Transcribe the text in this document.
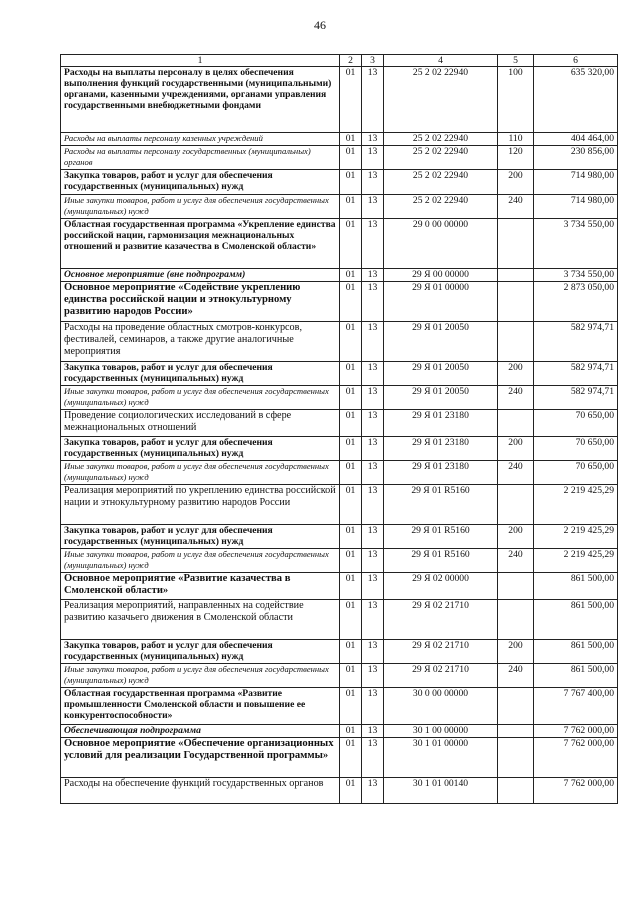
46
1	2	3	4	5	6
Расходы на выплаты персоналу в целях обеспечения выполнения функций государственными (муниципальными) органами, казенными учреждениями, органами управления государственными внебюджетными фондами	01	13	25 2 02 22940	100	635 320,00
Расходы на выплаты персоналу казенных учреждений	01	13	25 2 02 22940	110	404 464,00
Расходы на выплаты персоналу государственных (муниципальных) органов	01	13	25 2 02 22940	120	230 856,00
Закупка товаров, работ и услуг для обеспечения государственных (муниципальных) нужд	01	13	25 2 02 22940	200	714 980,00
Иные закупки товаров, работ и услуг для обеспечения государственных (муниципальных) нужд	01	13	25 2 02 22940	240	714 980,00
Областная государственная программа «Укрепление единства российской нации, гармонизация межнациональных отношений и развитие казачества в Смоленской области»	01	13	29 0 00 00000		3 734 550,00
Основное мероприятие (вне подпрограмм)	01	13	29 Я 00 00000		3 734 550,00
Основное мероприятие «Содействие укреплению единства российской нации и этнокультурному развитию народов России»	01	13	29 Я 01 00000		2 873 050,00
Расходы на проведение областных смотров-конкурсов, фестивалей, семинаров, а также другие аналогичные мероприятия	01	13	29 Я 01 20050		582 974,71
Закупка товаров, работ и услуг для обеспечения государственных (муниципальных) нужд	01	13	29 Я 01 20050	200	582 974,71
Иные закупки товаров, работ и услуг для обеспечения государственных (муниципальных) нужд	01	13	29 Я 01 20050	240	582 974,71
Проведение социологических исследований в сфере межнациональных отношений	01	13	29 Я 01 23180		70 650,00
Закупка товаров, работ и услуг для обеспечения государственных (муниципальных) нужд	01	13	29 Я 01 23180	200	70 650,00
Иные закупки товаров, работ и услуг для обеспечения государственных (муниципальных) нужд	01	13	29 Я 01 23180	240	70 650,00
Реализация мероприятий по укреплению единства российской нации и этнокультурному развитию народов России	01	13	29 Я 01 R5160		2 219 425,29
Закупка товаров, работ и услуг для обеспечения государственных (муниципальных) нужд	01	13	29 Я 01 R5160	200	2 219 425,29
Иные закупки товаров, работ и услуг для обеспечения государственных (муниципальных) нужд	01	13	29 Я 01 R5160	240	2 219 425,29
Основное мероприятие «Развитие казачества в Смоленской области»	01	13	29 Я 02 00000		861 500,00
Реализация мероприятий, направленных на содействие развитию казачьего движения в Смоленской области	01	13	29 Я 02 21710		861 500,00
Закупка товаров, работ и услуг для обеспечения государственных (муниципальных) нужд	01	13	29 Я 02 21710	200	861 500,00
Иные закупки товаров, работ и услуг для обеспечения государственных (муниципальных) нужд	01	13	29 Я 02 21710	240	861 500,00
Областная государственная программа «Развитие промышленности Смоленской области и повышение ее конкурентоспособности»	01	13	30 0 00 00000		7 767 400,00
Обеспечивающая подпрограмма	01	13	30 1 00 00000		7 762 000,00
Основное мероприятие «Обеспечение организационных условий для реализации Государственной программы»	01	13	30 1 01 00000		7 762 000,00
Расходы на обеспечение функций государственных органов	01	13	30 1 01 00140		7 762 000,00
